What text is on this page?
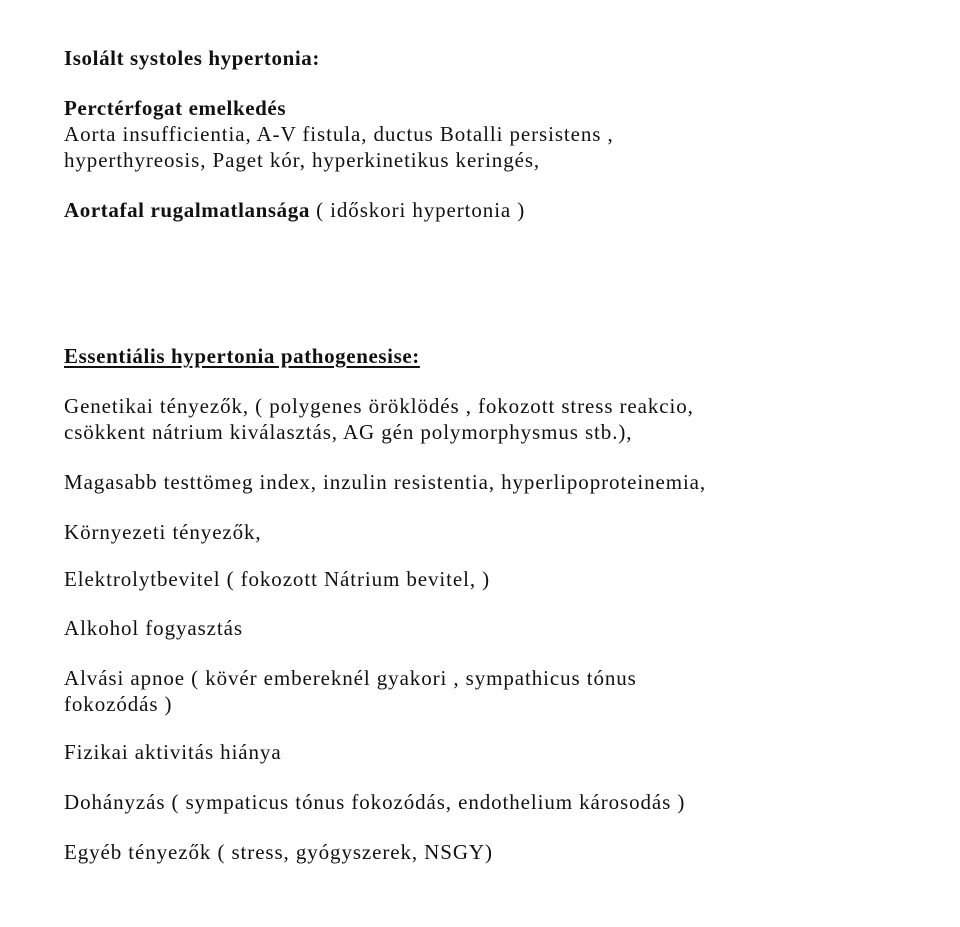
Isolált systoles hypertonia:
Perctérfogat emelkedés
Aorta insufficientia, A-V fistula, ductus Botalli persistens ,
hyperthyreosis, Paget kór, hyperkinetikus keringés,
Aortafal rugalmatlansága ( időskori hypertonia )
Essentiális hypertonia pathogenesise:
Genetikai tényezők, ( polygenes öröklödés , fokozott stress reakcio,
csökkent nátrium kiválasztás, AG gén polymorphysmus stb.),
Magasabb testtömeg index, inzulin resistentia, hyperlipoproteinemia,
Környezeti tényezők,
Elektrolytbevitel ( fokozott Nátrium bevitel, )
Alkohol fogyasztás
Alvási apnoe ( kövér embereknél gyakori , sympathicus tónus
fokozódás )
Fizikai aktivitás hiánya
Dohányzás ( sympaticus tónus fokozódás, endothelium károsodás )
Egyéb tényezők ( stress, gyógyszerek, NSGY)
